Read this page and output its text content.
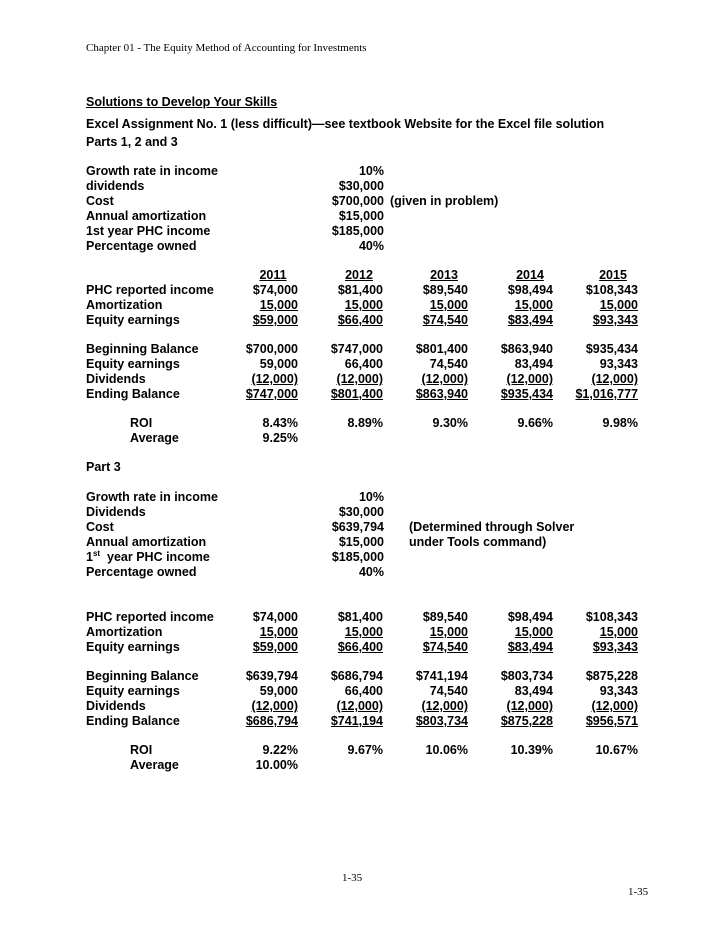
Chapter 01 - The Equity Method of Accounting for Investments
Solutions to Develop Your Skills
Excel Assignment No. 1 (less difficult)—see textbook Website for the Excel file solution
Parts 1, 2 and 3
Growth rate in income	10%
dividends	$30,000
Cost	$700,000 (given in problem)
Annual amortization	$15,000
1st year PHC income	$185,000
Percentage owned	40%
2011	2012	2013	2014	2015
PHC reported income	$74,000	$81,400	$89,540	$98,494	$108,343
Amortization	15,000	15,000	15,000	15,000	15,000
Equity earnings	$59,000	$66,400	$74,540	$83,494	$93,343
Beginning Balance	$700,000	$747,000	$801,400	$863,940	$935,434
Equity earnings	59,000	66,400	74,540	83,494	93,343
Dividends	(12,000)	(12,000)	(12,000)	(12,000)	(12,000)
Ending Balance	$747,000	$801,400	$863,940	$935,434	$1,016,777
ROI	8.43%	8.89%	9.30%	9.66%	9.98%
Average	9.25%
Part 3
Growth rate in income	10%
Dividends	$30,000
Cost	$639,794
Annual amortization	$15,000
1st  year PHC income	$185,000
Percentage owned	40%
(Determined through Solver
under Tools command)
PHC reported income	$74,000	$81,400	$89,540	$98,494	$108,343
Amortization	15,000	15,000	15,000	15,000	15,000
Equity earnings	$59,000	$66,400	$74,540	$83,494	$93,343
Beginning Balance	$639,794	$686,794	$741,194	$803,734	$875,228
Equity earnings	59,000	66,400	74,540	83,494	93,343
Dividends	(12,000)	(12,000)	(12,000)	(12,000)	(12,000)
Ending Balance	$686,794	$741,194	$803,734	$875,228	$956,571
ROI	9.22%	9.67%	10.06%	10.39%	10.67%
Average	10.00%
1-35
1-35
